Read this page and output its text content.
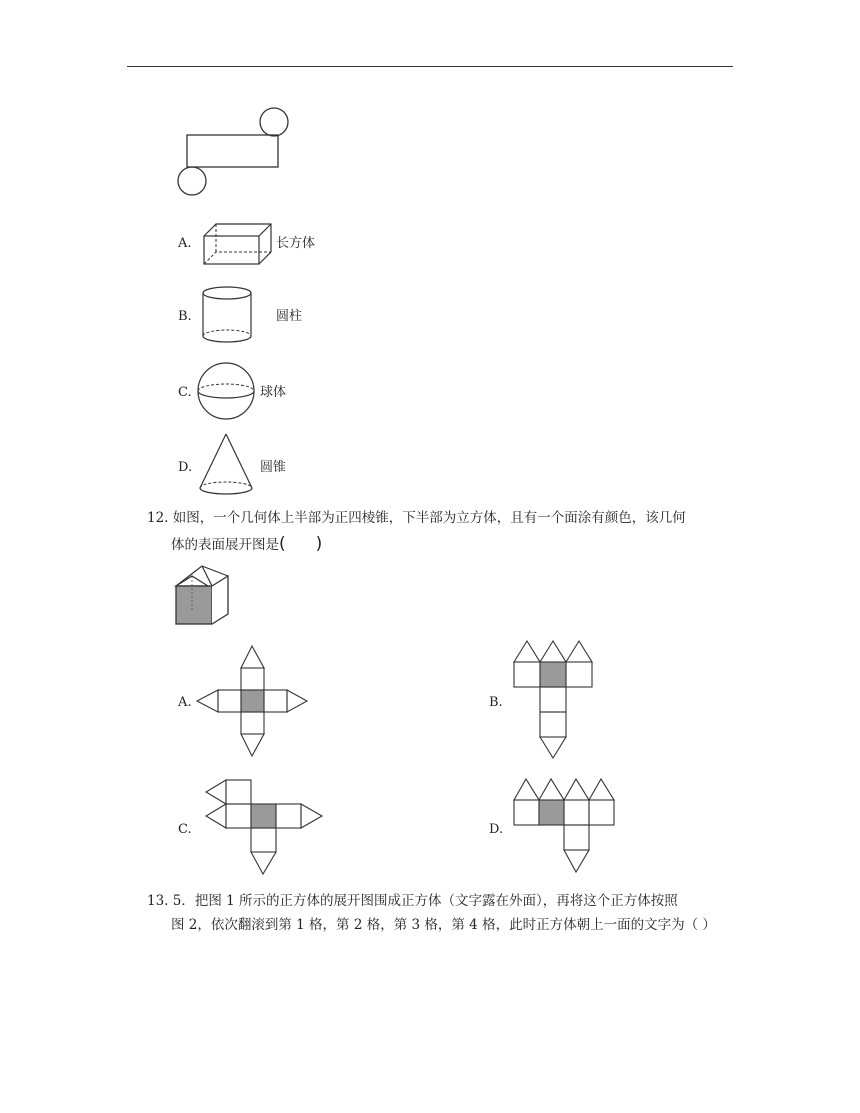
A.	长方体
B.	圆柱
C.	球体
D.	圆锥
12. 如图，一个几何体上半部为正四棱锥，下半部为立方体，且有一个面涂有颜色，该几何
体的表面展开图是( )
A.	B.
C.	D.
13. 5．把图 1 所示的正方体的展开图围成正方体（文字露在外面），再将这个正方体按照
图 2，依次翻滚到第 1 格，第 2 格，第 3 格，第 4 格，此时正方体朝上一面的文字为（ ）
